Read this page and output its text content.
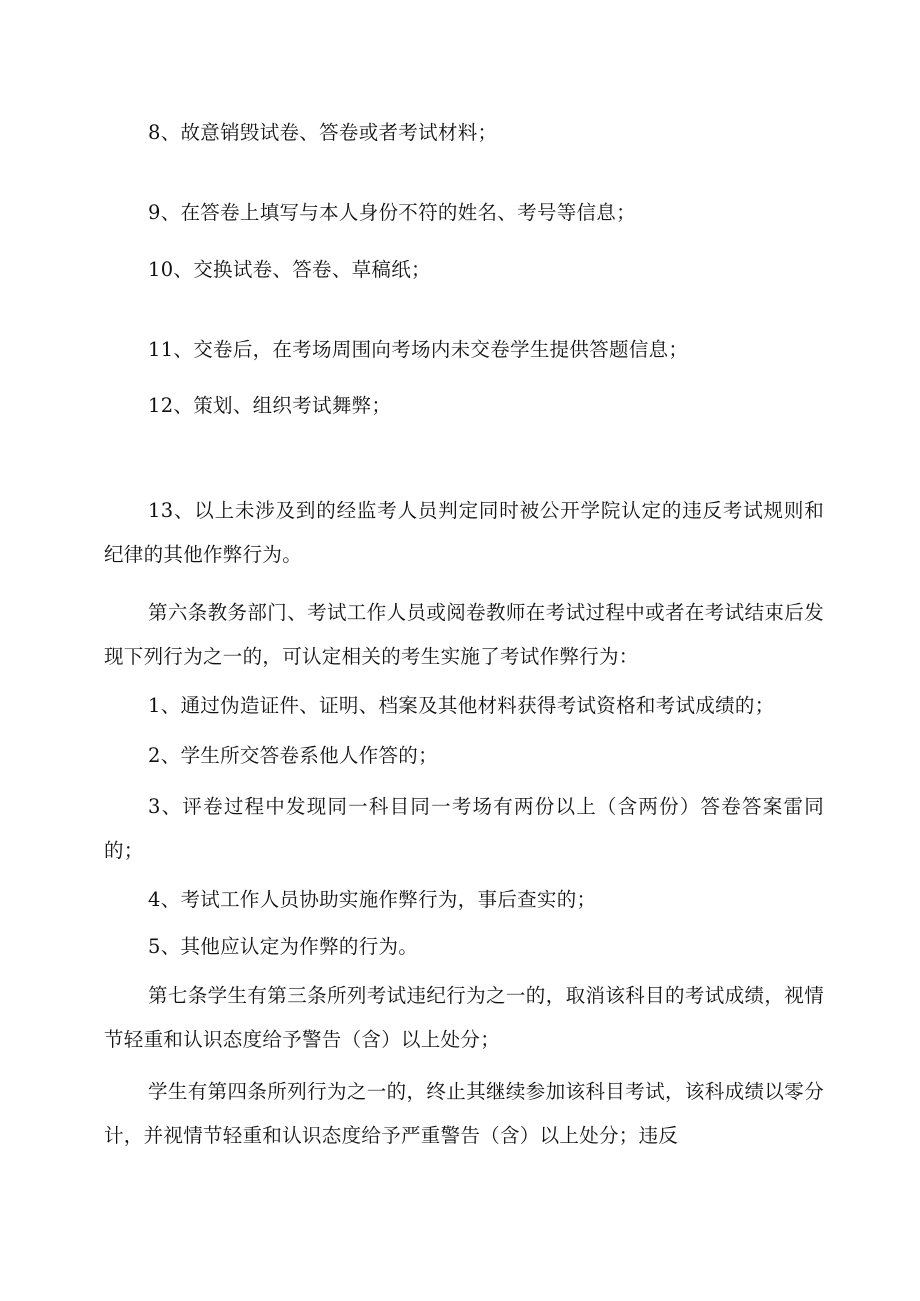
8、故意销毁试卷、答卷或者考试材料；
9、在答卷上填写与本人身份不符的姓名、考号等信息；
10、交换试卷、答卷、草稿纸；
11、交卷后，在考场周围向考场内未交卷学生提供答题信息；
12、策划、组织考试舞弊；
13、以上未涉及到的经监考人员判定同时被公开学院认定的违反考试规则和纪律的其他作弊行为。
第六条教务部门、考试工作人员或阅卷教师在考试过程中或者在考试结束后发现下列行为之一的，可认定相关的考生实施了考试作弊行为：
1、通过伪造证件、证明、档案及其他材料获得考试资格和考试成绩的；
2、学生所交答卷系他人作答的；
3、评卷过程中发现同一科目同一考场有两份以上（含两份）答卷答案雷同的；
4、考试工作人员协助实施作弊行为，事后查实的；
5、其他应认定为作弊的行为。
第七条学生有第三条所列考试违纪行为之一的，取消该科目的考试成绩，视情节轻重和认识态度给予警告（含）以上处分；
学生有第四条所列行为之一的，终止其继续参加该科目考试，该科成绩以零分计，并视情节轻重和认识态度给予严重警告（含）以上处分；违反
